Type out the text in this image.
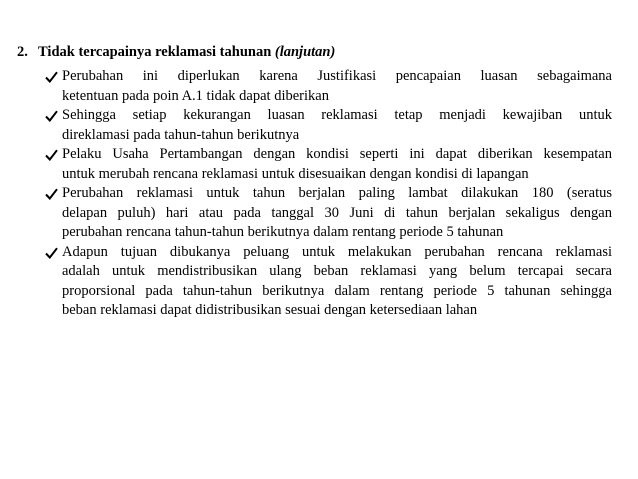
2. Tidak tercapainya reklamasi tahunan (lanjutan)
Perubahan ini diperlukan karena Justifikasi pencapaian luasan sebagaimana
ketentuan pada poin A.1 tidak dapat diberikan
Sehingga setiap kekurangan luasan reklamasi tetap menjadi kewajiban untuk
direklamasi pada tahun-tahun berikutnya
Pelaku Usaha Pertambangan dengan kondisi seperti ini dapat diberikan kesempatan
untuk merubah rencana reklamasi untuk disesuaikan dengan kondisi di lapangan
Perubahan reklamasi untuk tahun berjalan paling lambat dilakukan 180 (seratus
delapan puluh) hari atau pada tanggal 30 Juni di tahun berjalan sekaligus dengan
perubahan rencana tahun-tahun berikutnya dalam rentang periode 5 tahunan
Adapun tujuan dibukanya peluang untuk melakukan perubahan rencana reklamasi
adalah untuk mendistribusikan ulang beban reklamasi yang belum tercapai secara
proporsional pada tahun-tahun berikutnya dalam rentang periode 5 tahunan sehingga
beban reklamasi dapat didistribusikan sesuai dengan ketersediaan lahan
